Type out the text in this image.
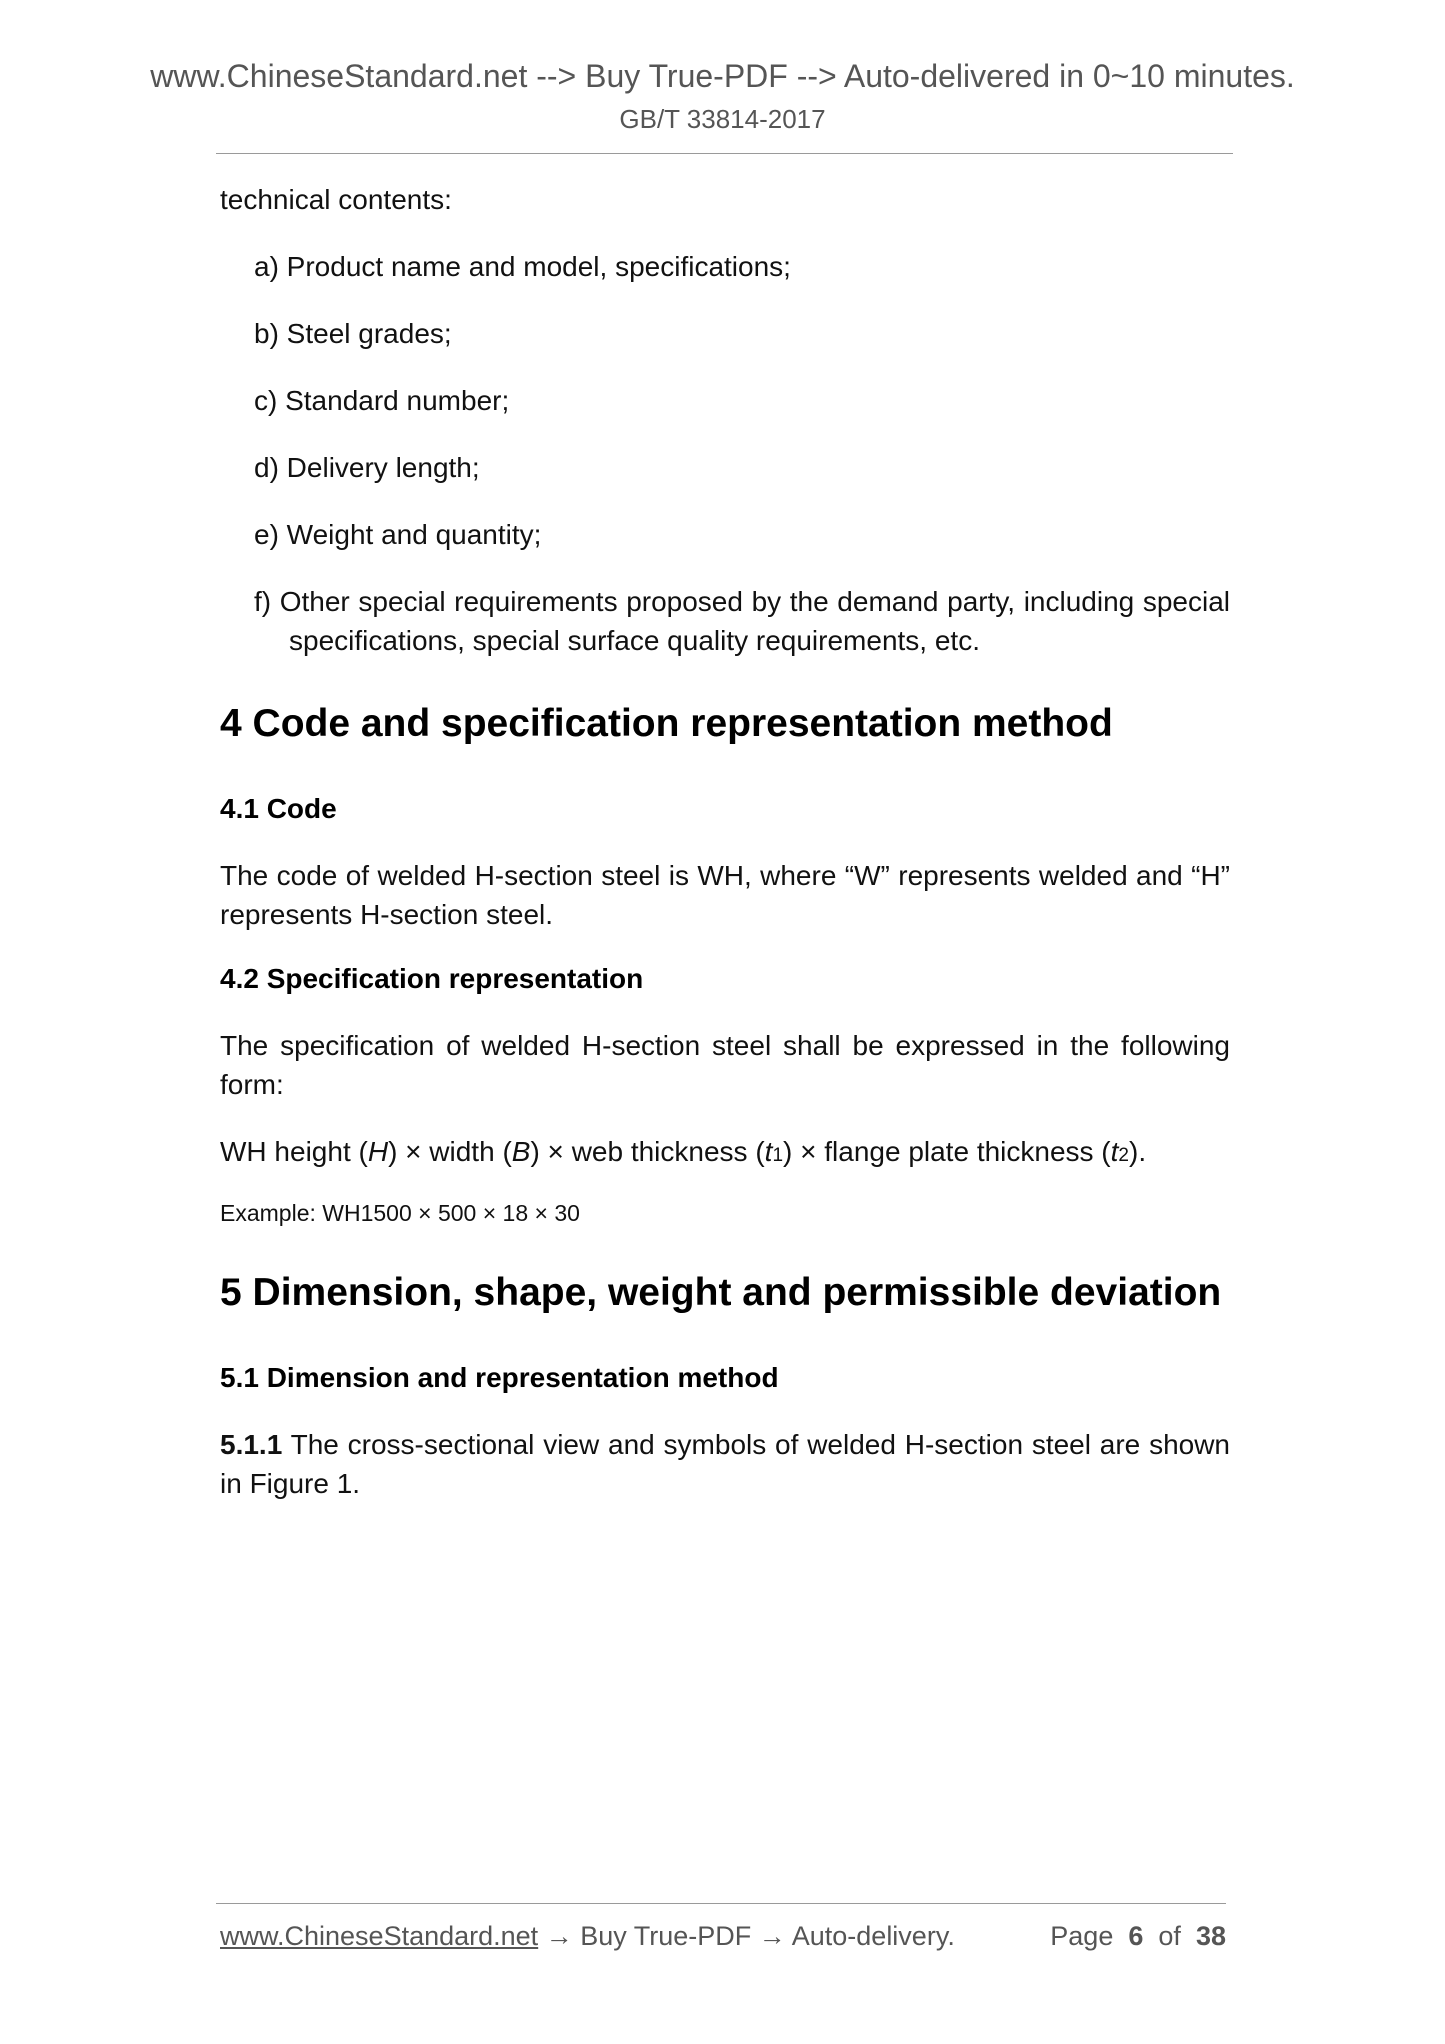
www.ChineseStandard.net --> Buy True-PDF --> Auto-delivered in 0~10 minutes.
GB/T 33814-2017

technical contents:

a) Product name and model, specifications;

b) Steel grades;

c) Standard number;

d) Delivery length;

e) Weight and quantity;

f) Other special requirements proposed by the demand party, including special specifications, special surface quality requirements, etc.

4 Code and specification representation method

4.1 Code

The code of welded H-section steel is WH, where “W” represents welded and “H” represents H-section steel.

4.2 Specification representation

The specification of welded H-section steel shall be expressed in the following form:

WH height (H) × width (B) × web thickness (t1) × flange plate thickness (t2).

Example: WH1500 × 500 × 18 × 30

5 Dimension, shape, weight and permissible deviation

5.1 Dimension and representation method

5.1.1 The cross-sectional view and symbols of welded H-section steel are shown in Figure 1.

www.ChineseStandard.net → Buy True-PDF → Auto-delivery.	Page 6 of 38
